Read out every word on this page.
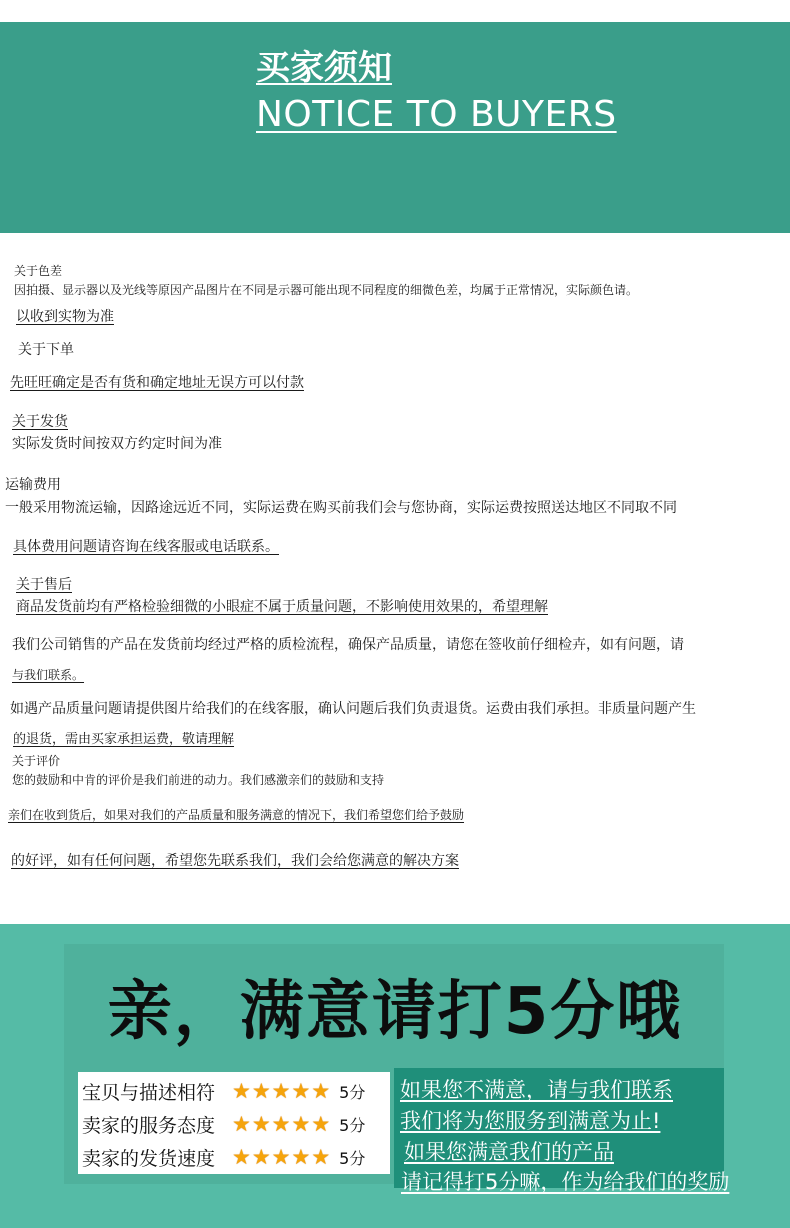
买家须知
NOTICE TO BUYERS
关于色差
因拍摄、显示器以及光线等原因产品图片在不同是示器可能出现不同程度的细微色差，均属于正常情况，实际颜色请。
以收到实物为准
关于下单
先旺旺确定是否有货和确定地址无误方可以付款
关于发货
实际发货时间按双方约定时间为准
运输费用
一般采用物流运输，因路途远近不同，实际运费在购买前我们会与您协商，实际运费按照送达地区不同取不同
具体费用问题请咨询在线客服或电话联系。
关于售后
商品发货前均有严格检验细微的小眼症不属于质量问题，不影响使用效果的，希望理解
我们公司销售的产品在发货前均经过严格的质检流程，确保产品质量，请您在签收前仔细检卉，如有问题，请
与我们联系。
如遇产品质量问题请提供图片给我们的在线客服，确认问题后我们负责退货。运费由我们承担。非质量问题产生
的退货，需由买家承担运费，敬请理解
关于评价
您的鼓励和中肯的评价是我们前进的动力。我们感激亲们的鼓励和支持
亲们在收到货后，如果对我们的产品质量和服务满意的情况下，我们希望您们给予鼓励
的好评，如有任何问题，希望您先联系我们，我们会给您满意的解决方案
亲，满意请打5分哦
宝贝与描述相符 ★ ★ ★ ★ ★ 5分
卖家的服务态度 ★ ★ ★ ★ ★ 5分
卖家的发货速度 ★ ★ ★ ★ ★ 5分
如果您不满意，请与我们联系
我们将为您服务到满意为止!
如果您满意我们的产品
请记得打5分嘛，作为给我们的奖励
